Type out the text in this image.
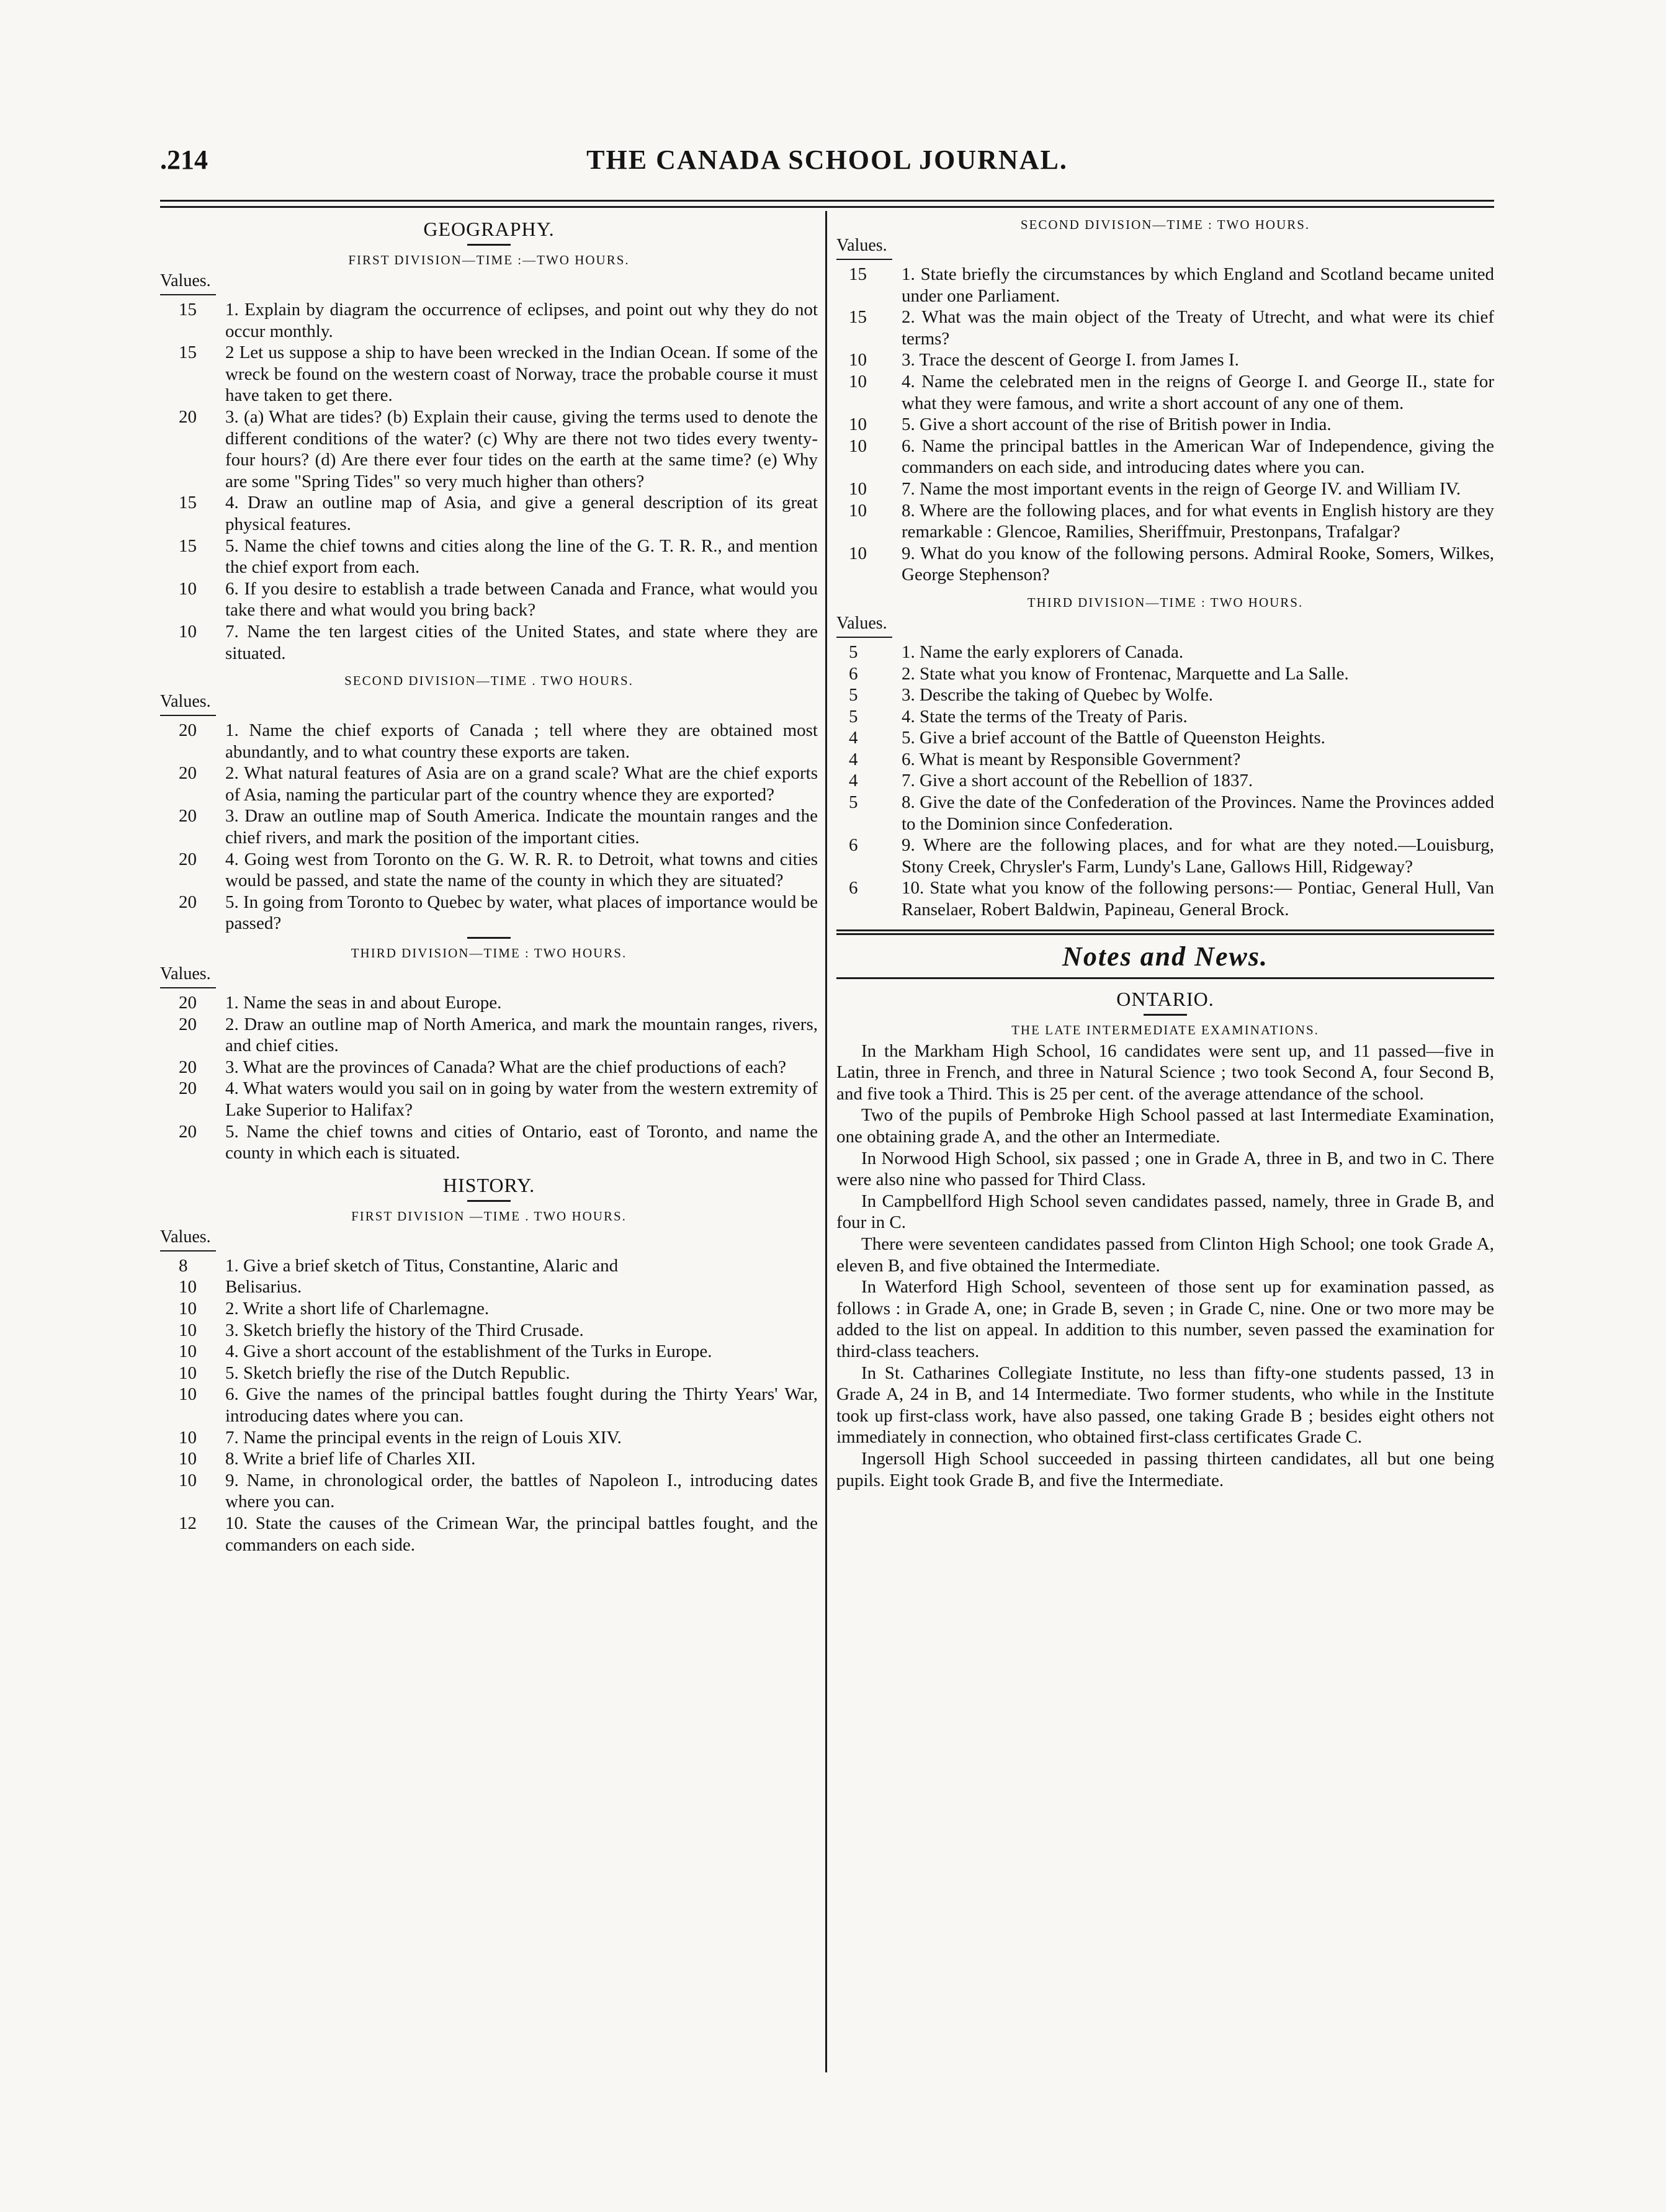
.214	THE CANADA SCHOOL JOURNAL.
GEOGRAPHY.
FIRST DIVISION—TIME :—TWO HOURS.
Values.

15	1. Explain by diagram the occurrence of eclipses, and point out why they do not occur monthly.

15	2 Let us suppose a ship to have been wrecked in the Indian Ocean. If some of the wreck be found on the western coast of Norway, trace the probable course it must have taken to get there.

20	3. (a) What are tides? (b) Explain their cause, giving the terms used to denote the different conditions of the water? (c) Why are there not two tides every twenty-four hours? (d) Are there ever four tides on the earth at the same time? (e) Why are some "Spring Tides" so very much higher than others?

15	4. Draw an outline map of Asia, and give a general description of its great physical features.

15	5. Name the chief towns and cities along the line of the G. T. R. R., and mention the chief export from each.

10	6. If you desire to establish a trade between Canada and France, what would you take there and what would you bring back?

10	7. Name the ten largest cities of the United States, and state where they are situated.

SECOND DIVISION—TIME . TWO HOURS.
Values.

20	1. Name the chief exports of Canada ; tell where they are obtained most abundantly, and to what country these exports are taken.

20	2. What natural features of Asia are on a grand scale? What are the chief exports of Asia, naming the particular part of the country whence they are exported?

20	3. Draw an outline map of South America. Indicate the mountain ranges and the chief rivers, and mark the position of the important cities.

20	4. Going west from Toronto on the G. W. R. R. to Detroit, what towns and cities would be passed, and state the name of the county in which they are situated?

20	5. In going from Toronto to Quebec by water, what places of importance would be passed?

THIRD DIVISION—TIME : TWO HOURS.
Values.

20	1. Name the seas in and about Europe.

20	2. Draw an outline map of North America, and mark the mountain ranges, rivers, and chief cities.

20	3. What are the provinces of Canada? What are the chief productions of each?

20	4. What waters would you sail on in going by water from the western extremity of Lake Superior to Halifax?

20	5. Name the chief towns and cities of Ontario, east of Toronto, and name the county in which each is situated.

HISTORY.
FIRST DIVISION —TIME . TWO HOURS.
Values.

8	1. Give a brief sketch of Titus, Constantine, Alaric and

10	Belisarius.

10	2. Write a short life of Charlemagne.

10	3. Sketch briefly the history of the Third Crusade.

10	4. Give a short account of the establishment of the Turks in Europe.

10	5. Sketch briefly the rise of the Dutch Republic.

10	6. Give the names of the principal battles fought during the Thirty Years' War, introducing dates where you can.

10	7. Name the principal events in the reign of Louis XIV.

10	8. Write a brief life of Charles XII.

10	9. Name, in chronological order, the battles of Napoleon I., introducing dates where you can.

12	10. State the causes of the Crimean War, the principal battles fought, and the commanders on each side.

SECOND DIVISION—TIME : TWO HOURS.
Values.

15	1. State briefly the circumstances by which England and Scotland became united under one Parliament.

15	2. What was the main object of the Treaty of Utrecht, and what were its chief terms?

10	3. Trace the descent of George I. from James I.

10	4. Name the celebrated men in the reigns of George I. and George II., state for what they were famous, and write a short account of any one of them.

10	5. Give a short account of the rise of British power in India.

10	6. Name the principal battles in the American War of Independence, giving the commanders on each side, and introducing dates where you can.

10	7. Name the most important events in the reign of George IV. and William IV.

10	8. Where are the following places, and for what events in English history are they remarkable : Glencoe, Ramilies, Sheriffmuir, Prestonpans, Trafalgar?

10	9. What do you know of the following persons. Admiral Rooke, Somers, Wilkes, George Stephenson?

THIRD DIVISION—TIME : TWO HOURS.
Values.

5	1. Name the early explorers of Canada.

6	2. State what you know of Frontenac, Marquette and La Salle.

5	3. Describe the taking of Quebec by Wolfe.

5	4. State the terms of the Treaty of Paris.

4	5. Give a brief account of the Battle of Queenston Heights.

4	6. What is meant by Responsible Government?

4	7. Give a short account of the Rebellion of 1837.

5	8. Give the date of the Confederation of the Provinces. Name the Provinces added to the Dominion since Confederation.

6	9. Where are the following places, and for what are they noted.—Louisburg, Stony Creek, Chrysler's Farm, Lundy's Lane, Gallows Hill, Ridgeway?

6	10. State what you know of the following persons:— Pontiac, General Hull, Van Ranselaer, Robert Baldwin, Papineau, General Brock.

Notes and News.
ONTARIO.
THE LATE INTERMEDIATE EXAMINATIONS.

In the Markham High School, 16 candidates were sent up, and 11 passed—five in Latin, three in French, and three in Natural Science ; two took Second A, four Second B, and five took a Third. This is 25 per cent. of the average attendance of the school.

Two of the pupils of Pembroke High School passed at last Intermediate Examination, one obtaining grade A, and the other an Intermediate.

In Norwood High School, six passed ; one in Grade A, three in B, and two in C. There were also nine who passed for Third Class.

In Campbellford High School seven candidates passed, namely, three in Grade B, and four in C.

There were seventeen candidates passed from Clinton High School; one took Grade A, eleven B, and five obtained the Intermediate.

In Waterford High School, seventeen of those sent up for examination passed, as follows : in Grade A, one; in Grade B, seven ; in Grade C, nine. One or two more may be added to the list on appeal. In addition to this number, seven passed the examination for third-class teachers.

In St. Catharines Collegiate Institute, no less than fifty-one students passed, 13 in Grade A, 24 in B, and 14 Intermediate. Two former students, who while in the Institute took up first-class work, have also passed, one taking Grade B ; besides eight others not immediately in connection, who obtained first-class certificates Grade C.

Ingersoll High School succeeded in passing thirteen candidates, all but one being pupils. Eight took Grade B, and five the Intermediate.
